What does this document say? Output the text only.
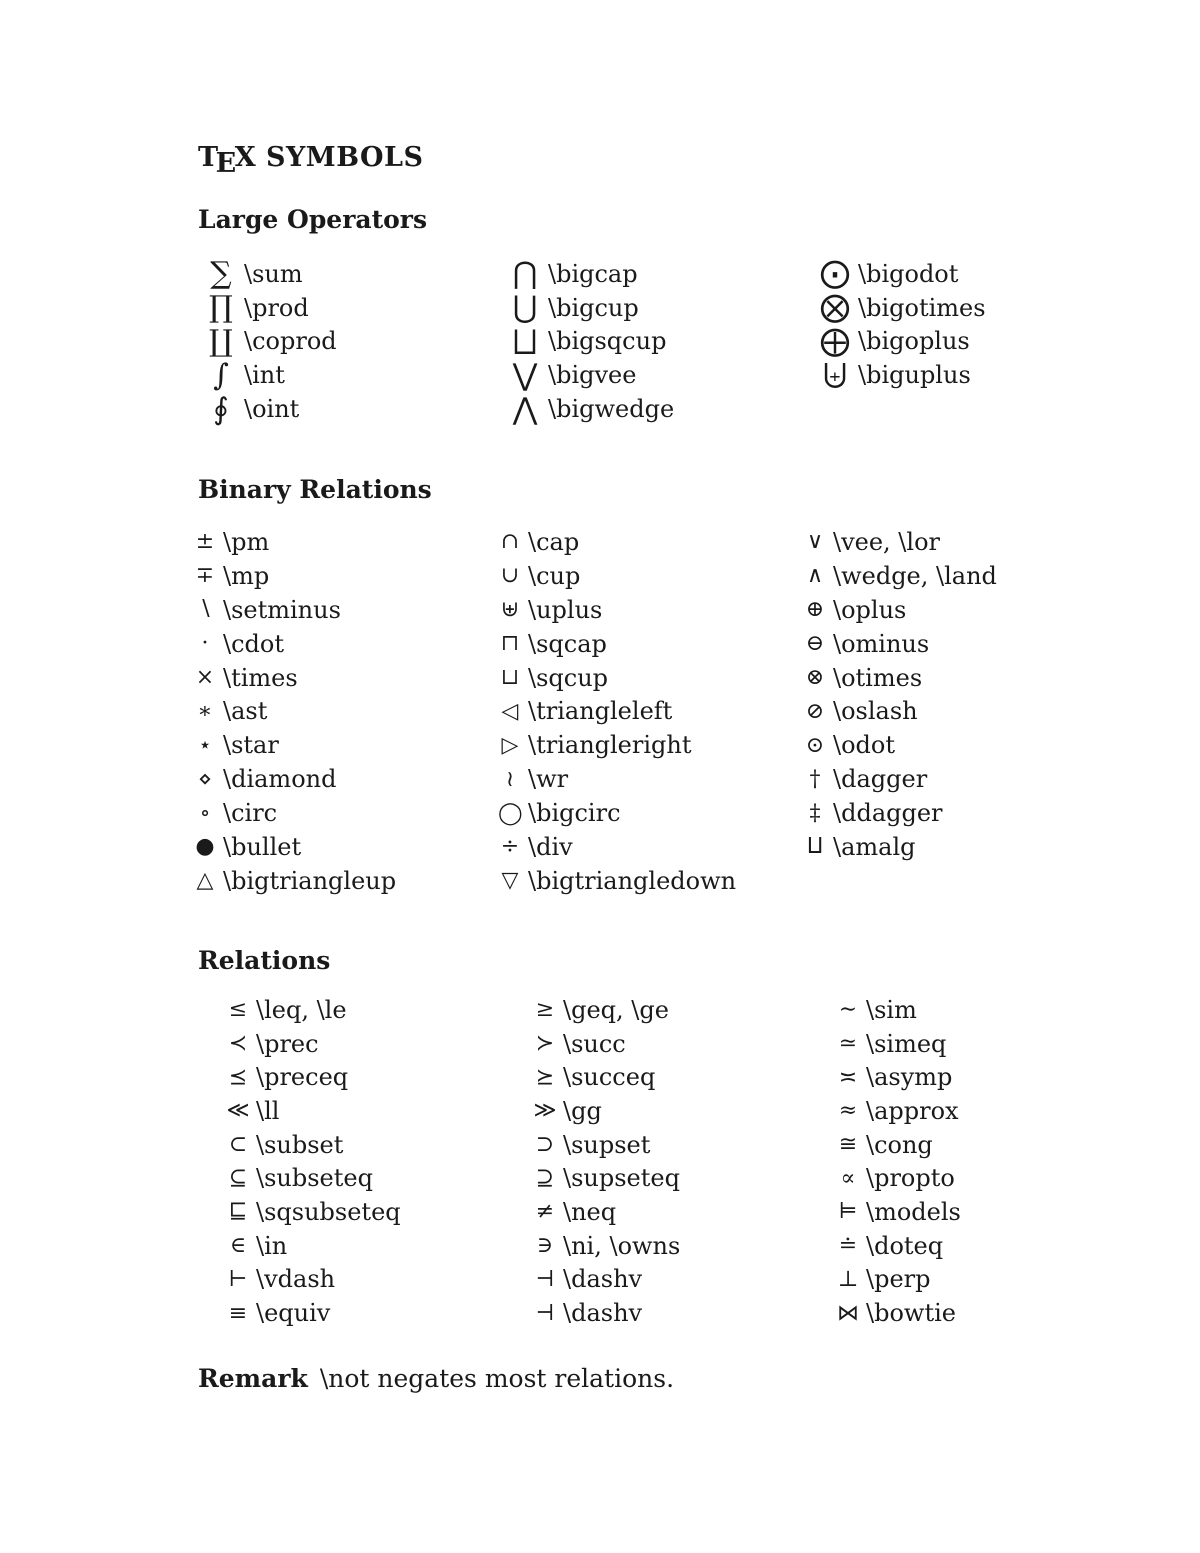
TEX SYMBOLS
Large Operators
∑ \sum
∏ \prod
∐ \coprod
∫ \int
∮ \oint
⋂ \bigcap
⋃ \bigcup
⨆ \bigsqcup
⋁ \bigvee
⋀ \bigwedge
⨀ \bigodot
⨂ \bigotimes
⨁ \bigoplus
⨄ \biguplus
Binary Relations
± \pm
∓ \mp
∖ \setminus
· \cdot
× \times
∗ \ast
⋆ \star
⋄ \diamond
∘ \circ
● \bullet
△ \bigtriangleup
∩ \cap
∪ \cup
⊎ \uplus
⊓ \sqcap
⊔ \sqcup
◁ \triangleleft
▷ \triangleright
≀ \wr
◯ \bigcirc
÷ \div
▽ \bigtriangledown
∨ \vee, \lor
∧ \wedge, \land
⊕ \oplus
⊖ \ominus
⊗ \otimes
⊘ \oslash
⊙ \odot
† \dagger
‡ \ddagger
⨿ \amalg
Relations
≤ \leq, \le
≺ \prec
⪯ \preceq
≪ \ll
⊂ \subset
⊆ \subseteq
⊑ \sqsubseteq
∈ \in
⊢ \vdash
≡ \equiv
≥ \geq, \ge
≻ \succ
⪰ \succeq
≫ \gg
⊃ \supset
⊇ \supseteq
≠ \neq
∋ \ni, \owns
⊣ \dashv
⊣ \dashv
∼ \sim
≃ \simeq
≍ \asymp
≈ \approx
≅ \cong
∝ \propto
⊨ \models
≐ \doteq
⊥ \perp
⋈ \bowtie
Remark \not negates most relations.
